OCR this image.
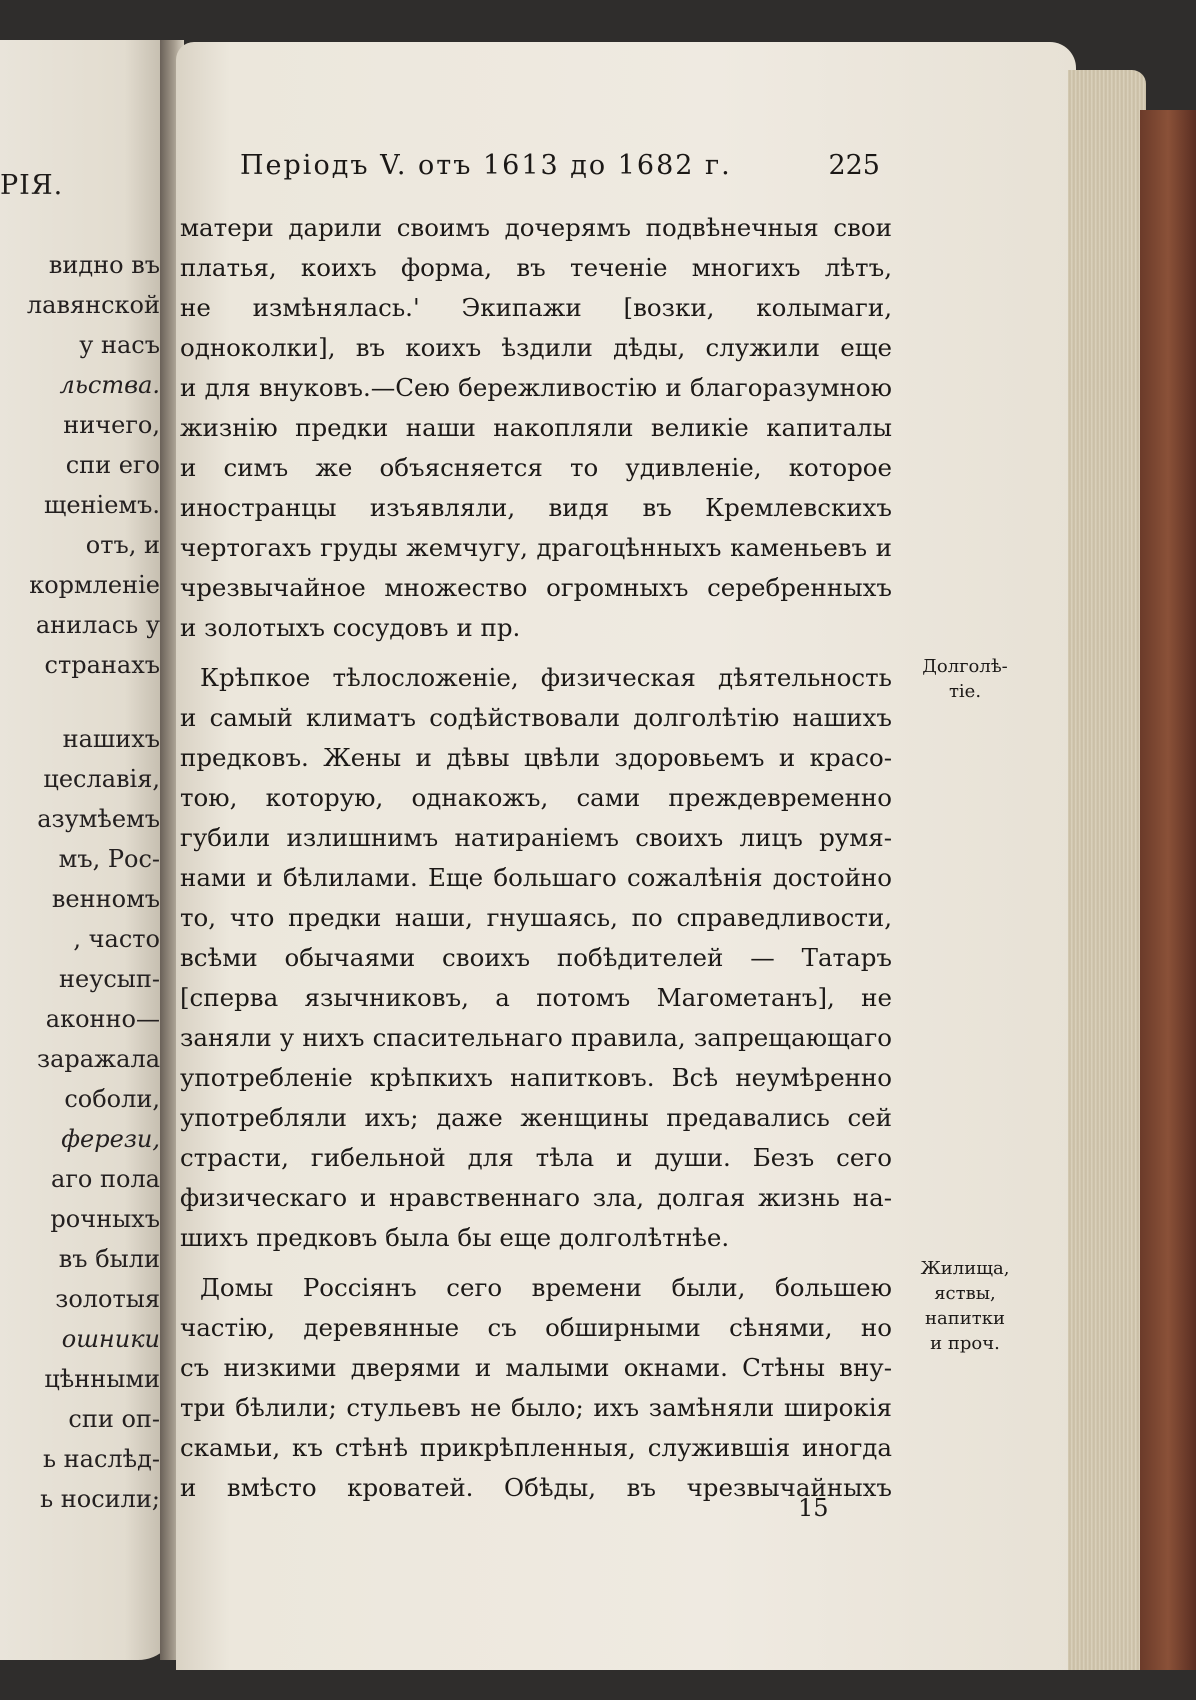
РІЯ.
видно въ
лавянской
у насъ
льства.
ничего,
спи его
щеніемъ.
отъ, и
кормленіе
анилась у
странахъ
нашихъ
цеславія,
азумѣемъ
мъ, Рос-
венномъ
, часто
неусып-
аконно—
заражала
соболи,
ферези,
аго пола
рочныхъ
въ были
золотыя
ошники
цѣнными
спи оп-
ь наслѣд-
ь носили;
Періодъ V. отъ 1613 до 1682 г.	225
матери дарили своимъ дочерямъ подвѣнечныя свои
платья, коихъ форма, въ теченіе многихъ лѣтъ,
не измѣнялась.' Экипажи [возки, колымаги,
одноколки], въ коихъ ѣздили дѣды, служили еще
и для внуковъ.—Сею бережливостію и благоразумною
жизнію предки наши накопляли великіе капиталы
и симъ же объясняется то удивленіе, которое
иностранцы изъявляли, видя въ Кремлевскихъ
чертогахъ груды жемчугу, драгоцѣнныхъ каменьевъ и
чрезвычайное множество огромныхъ серебренныхъ
и золотыхъ сосудовъ и пр.
Крѣпкое тѣлосложеніе, физическая дѣятельность
и самый климатъ содѣйствовали долголѣтію нашихъ
предковъ. Жены и дѣвы цвѣли здоровьемъ и красо-
тою, которую, однакожъ, сами преждевременно
губили излишнимъ натираніемъ своихъ лицъ румя-
нами и бѣлилами. Еще большаго сожалѣнія достойно
то, что предки наши, гнушаясь, по справедливости,
всѣми обычаями своихъ побѣдителей — Татаръ
[сперва язычниковъ, а потомъ Магометанъ], не
заняли у нихъ спасительнаго правила, запрещающаго
употребленіе крѣпкихъ напитковъ. Всѣ неумѣренно
употребляли ихъ; даже женщины предавались сей
страсти, гибельной для тѣла и души. Безъ сего
физическаго и нравственнаго зла, долгая жизнь на-
шихъ предковъ была бы еще долголѣтнѣе.
Домы Россіянъ сего времени были, большею
частію, деревянные съ обширными сѣнями, но
съ низкими дверями и малыми окнами. Стѣны вну-
три бѣлили; стульевъ не было; ихъ замѣняли широкія
скамьи, къ стѣнѣ прикрѣпленныя, служившія иногда
и вмѣсто кроватей. Обѣды, въ чрезвычайныхъ
Долголѣ-
тіе.
Жилища,
яствы,
напитки
и проч.
15
